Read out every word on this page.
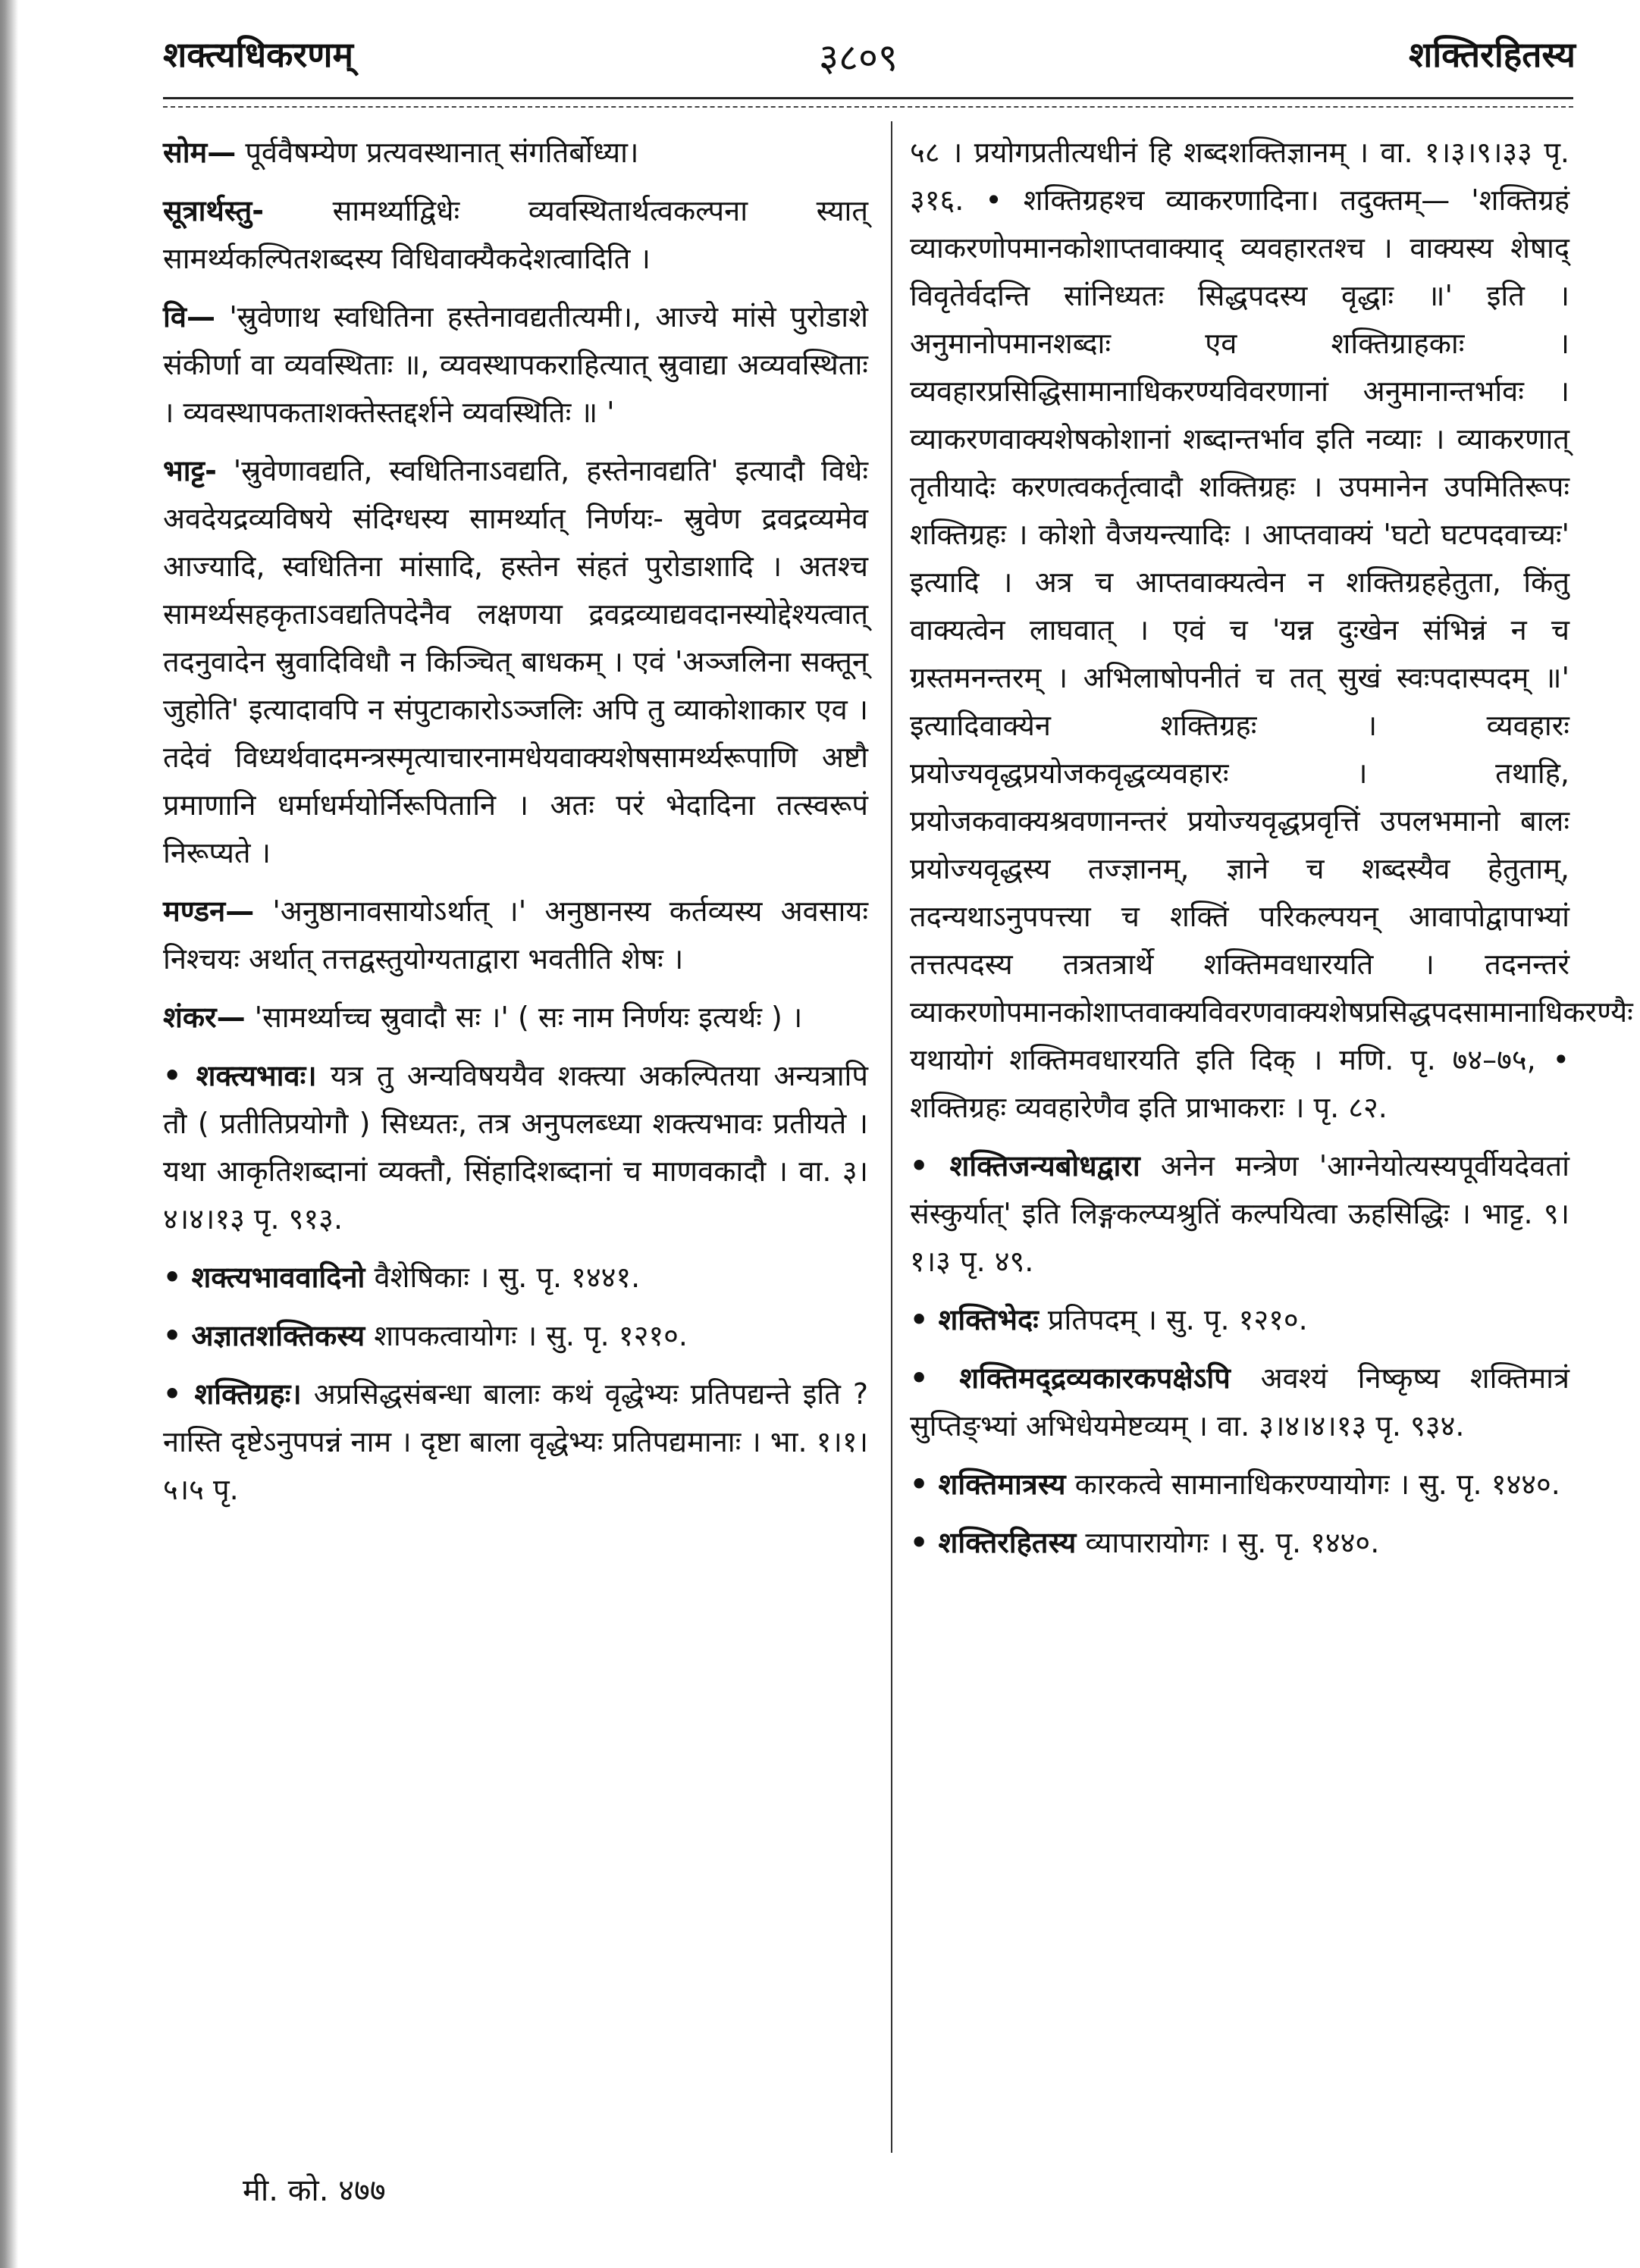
शक्त्यधिकरणम्	३८०९	शक्तिरहितस्य

सोम— पूर्ववैषम्येण प्रत्यवस्थानात् संगतिर्बोध्या।

सूत्रार्थस्तु- सामर्थ्याद्विधेः व्यवस्थितार्थत्वकल्पना स्यात् सामर्थ्यकल्पितशब्दस्य विधिवाक्यैकदेशत्वादिति ।

वि— 'स्रुवेणाथ स्वधितिना हस्तेनावद्यतीत्यमी।, आज्ये मांसे पुरोडाशे संकीर्णा वा व्यवस्थिताः ॥, व्यवस्थापकराहित्यात् स्रुवाद्या अव्यवस्थिताः । व्यवस्थापकताशक्तेस्तद्दर्शने व्यवस्थितिः ॥ '

भाट्ट- 'स्रुवेणावद्यति, स्वधितिनाऽवद्यति, हस्तेनावद्यति' इत्यादौ विधेः अवदेयद्रव्यविषये संदिग्धस्य सामर्थ्यात् निर्णयः- स्रुवेण द्रवद्रव्यमेव आज्यादि, स्वधितिना मांसादि, हस्तेन संहतं पुरोडाशादि । अतश्च सामर्थ्यसहकृताऽवद्यतिपदेनैव लक्षणया द्रवद्रव्याद्यवदानस्योद्देश्यत्वात् तदनुवादेन स्रुवादिविधौ न किञ्चित् बाधकम् । एवं 'अञ्जलिना सक्तून् जुहोति' इत्यादावपि न संपुटाकारोऽञ्जलिः अपि तु व्याकोशाकार एव । तदेवं विध्यर्थवादमन्त्रस्मृत्याचारनामधेयवाक्यशेषसामर्थ्यरूपाणि अष्टौ प्रमाणानि धर्माधर्मयोर्निरूपितानि । अतः परं भेदादिना तत्स्वरूपं निरूप्यते ।

मण्डन— 'अनुष्ठानावसायोऽर्थात् ।' अनुष्ठानस्य कर्तव्यस्य अवसायः निश्चयः अर्थात् तत्तद्वस्तुयोग्यताद्वारा भवतीति शेषः ।

शंकर— 'सामर्थ्याच्च स्रुवादौ सः ।' ( सः नाम निर्णयः इत्यर्थः ) ।

• शक्त्यभावः। यत्र तु अन्यविषययैव शक्त्या अकल्पितया अन्यत्रापि तौ ( प्रतीतिप्रयोगौ ) सिध्यतः, तत्र अनुपलब्ध्या शक्त्यभावः प्रतीयते । यथा आकृतिशब्दानां व्यक्तौ, सिंहादिशब्दानां च माणवकादौ । वा. ३।४।४।१३ पृ. ९१३.

• शक्त्यभाववादिनो वैशेषिकाः । सु. पृ. १४४१.

• अज्ञातशक्तिकस्य शापकत्वायोगः । सु. पृ. १२१०.

• शक्तिग्रहः। अप्रसिद्धसंबन्धा बालाः कथं वृद्धेभ्यः प्रतिपद्यन्ते इति ? नास्ति दृष्टेऽनुपपन्नं नाम । दृष्टा बाला वृद्धेभ्यः प्रतिपद्यमानाः । भा. १।१।५।५ पृ.

५८ । प्रयोगप्रतीत्यधीनं हि शब्दशक्तिज्ञानम् । वा. १।३।९।३३ पृ. ३१६. • शक्तिग्रहश्च व्याकरणादिना। तदुक्तम्— 'शक्तिग्रहं व्याकरणोपमानकोशाप्तवाक्याद् व्यवहारतश्च । वाक्यस्य शेषाद् विवृतेर्वदन्ति सांनिध्यतः सिद्धपदस्य वृद्धाः ॥' इति । अनुमानोपमानशब्दाः एव शक्तिग्राहकाः । व्यवहारप्रसिद्धिसामानाधिकरण्यविवरणानां अनुमानान्तर्भावः । व्याकरणवाक्यशेषकोशानां शब्दान्तर्भाव इति नव्याः । व्याकरणात् तृतीयादेः करणत्वकर्तृत्वादौ शक्तिग्रहः । उपमानेन उपमितिरूपः शक्तिग्रहः । कोशो वैजयन्त्यादिः । आप्तवाक्यं 'घटो घटपदवाच्यः' इत्यादि । अत्र च आप्तवाक्यत्वेन न शक्तिग्रहहेतुता, किंतु वाक्यत्वेन लाघवात् । एवं च 'यन्न दुःखेन संभिन्नं न च ग्रस्तमनन्तरम् । अभिलाषोपनीतं च तत् सुखं स्वःपदास्पदम् ॥' इत्यादिवाक्येन शक्तिग्रहः । व्यवहारः प्रयोज्यवृद्धप्रयोजकवृद्धव्यवहारः । तथाहि, प्रयोजकवाक्यश्रवणानन्तरं प्रयोज्यवृद्धप्रवृत्तिं उपलभमानो बालः प्रयोज्यवृद्धस्य तज्ज्ञानम्, ज्ञाने च शब्दस्यैव हेतुताम्, तदन्यथाऽनुपपत्त्या च शक्तिं परिकल्पयन् आवापोद्वापाभ्यां तत्तत्पदस्य तत्रतत्रार्थे शक्तिमवधारयति । तदनन्तरं व्याकरणोपमानकोशाप्तवाक्यविवरणवाक्यशेषप्रसिद्धपदसामानाधिकरण्यैः यथायोगं शक्तिमवधारयति इति दिक् । मणि. पृ. ७४–७५, • शक्तिग्रहः व्यवहारेणैव इति प्राभाकराः । पृ. ८२.

• शक्तिजन्यबोधद्वारा अनेन मन्त्रेण 'आग्नेयोत्यस्यपूर्वीयदेवतां संस्कुर्यात्' इति लिङ्गकल्प्यश्रुतिं कल्पयित्वा ऊहसिद्धिः । भाट्ट. ९।१।३ पृ. ४९.

• शक्तिभेदः प्रतिपदम् । सु. पृ. १२१०.

• शक्तिमद्द्रव्यकारकपक्षेऽपि अवश्यं निष्कृष्य शक्तिमात्रं सुप्तिङ्भ्यां अभिधेयमेष्टव्यम् । वा. ३।४।४।१३ पृ. ९३४.

• शक्तिमात्रस्य कारकत्वे सामानाधिकरण्यायोगः । सु. पृ. १४४०.

• शक्तिरहितस्य व्यापारायोगः । सु. पृ. १४४०.

मी. को. ४७७
